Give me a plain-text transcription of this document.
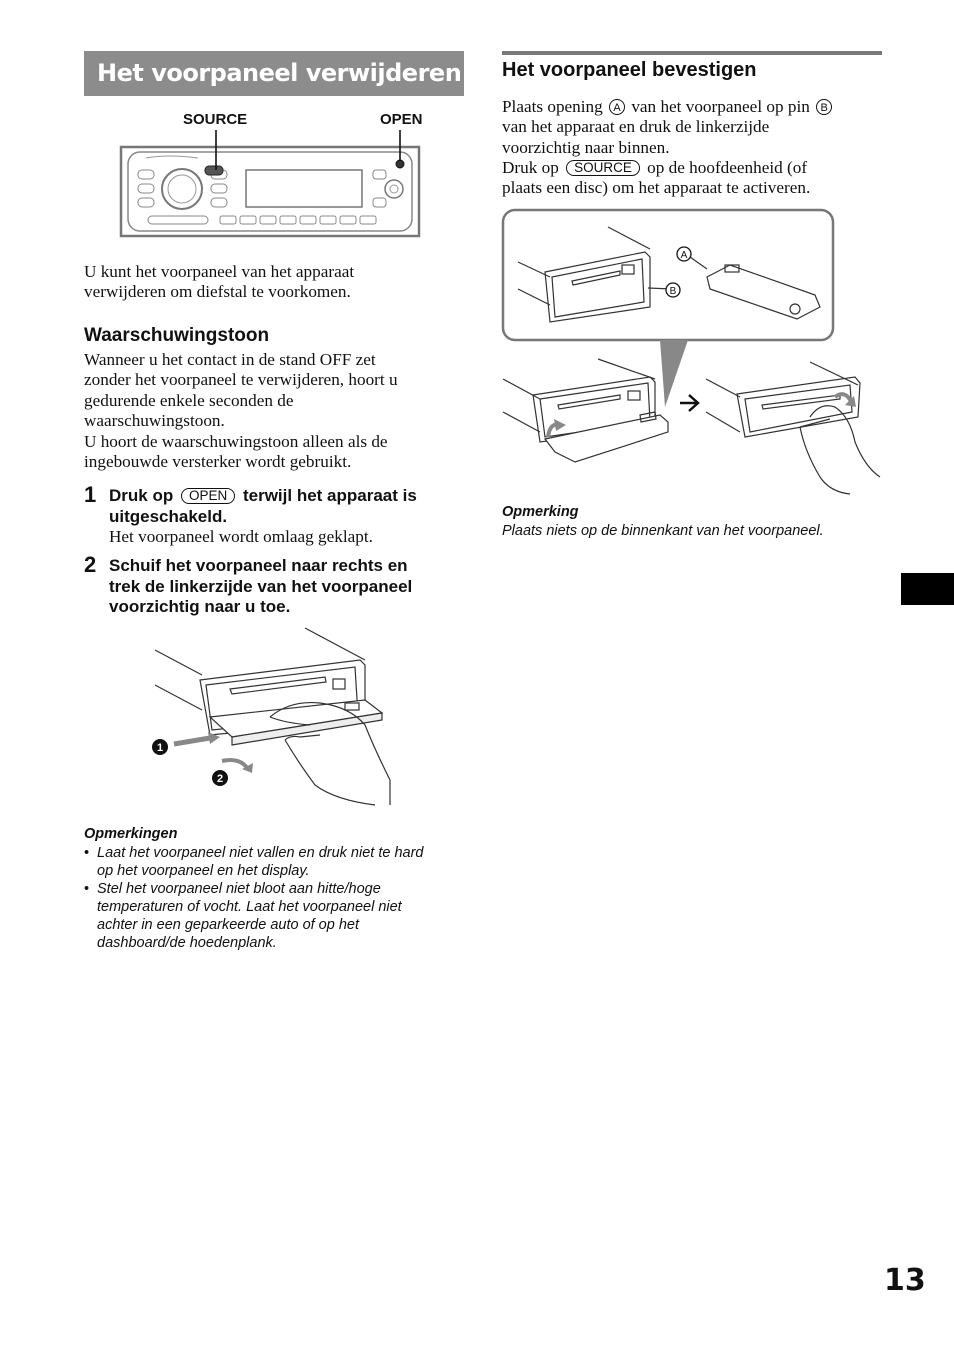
Het voorpaneel verwijderen
SOURCE	OPEN
U kunt het voorpaneel van het apparaat
verwijderen om diefstal te voorkomen.
Waarschuwingstoon
Wanneer u het contact in de stand OFF zet
zonder het voorpaneel te verwijderen, hoort u
gedurende enkele seconden de
waarschuwingstoon.
U hoort de waarschuwingstoon alleen als de
ingebouwde versterker wordt gebruikt.
1 Druk op OPEN terwijl het apparaat is
uitgeschakeld.
Het voorpaneel wordt omlaag geklapt.
2 Schuif het voorpaneel naar rechts en
trek de linkerzijde van het voorpaneel
voorzichtig naar u toe.
1
2
Opmerkingen
• Laat het voorpaneel niet vallen en druk niet te hard
op het voorpaneel en het display.
• Stel het voorpaneel niet bloot aan hitte/hoge
temperaturen of vocht. Laat het voorpaneel niet
achter in een geparkeerde auto of op het
dashboard/de hoedenplank.
Het voorpaneel bevestigen
Plaats opening A van het voorpaneel op pin B
van het apparaat en druk de linkerzijde
voorzichtig naar binnen.
Druk op SOURCE op de hoofdeenheid (of
plaats een disc) om het apparaat te activeren.
A
B
Opmerking
Plaats niets op de binnenkant van het voorpaneel.
13
